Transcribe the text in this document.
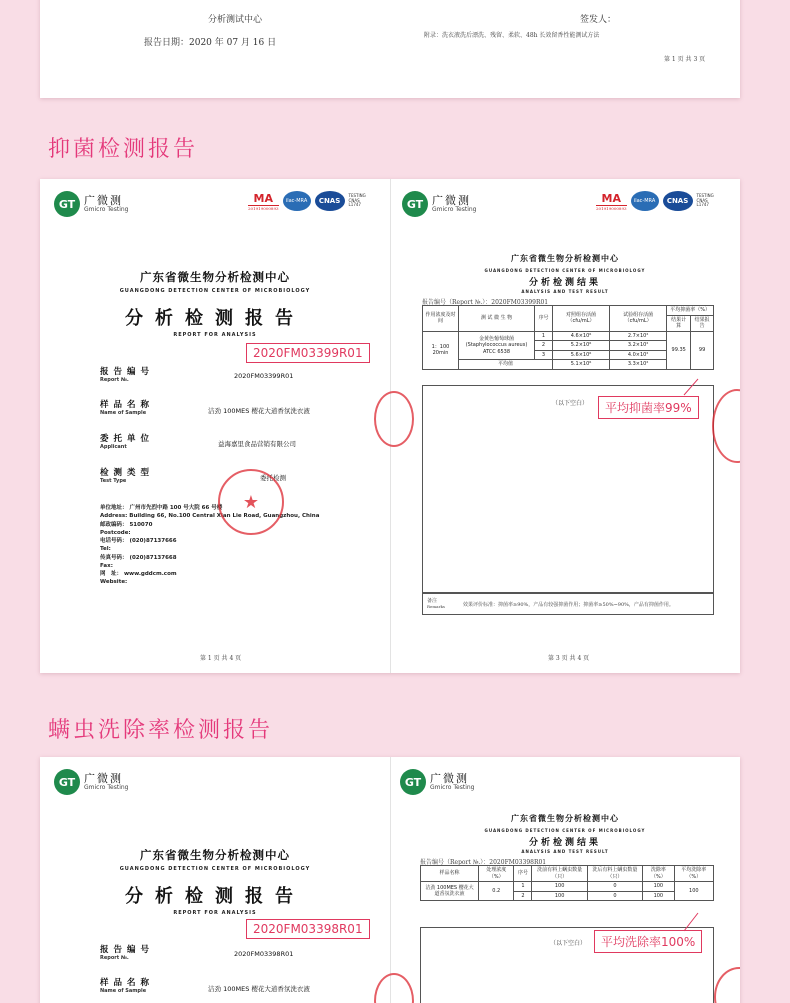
分析测试中心
报告日期：2020 年 07 月 16 日
签发人：
附录：洗衣液洗后漂洗、残留、柔软、48h 长效留香性能测试方法
第 1 页 共 3 页
抑菌检测报告
GT 广微测
Gmicro Testing
MA
201919000893
ilac-MRA	CNAS
TESTING CNAS L1747
广东省微生物分析检测中心
GUANGDONG DETECTION CENTER OF MICROBIOLOGY
分析检测报告
REPORT FOR ANALYSIS
2020FM03399R01
报告编号
Report №.	2020FM03399R01
样品名称
Name of Sample	洁劲 100MES 樱花大道香氛洗衣液
委托单位
Applicant	益海嘉里食品营销有限公司
检测类型
Test Type	委托检测
单位地址： 广州市先烈中路 100 号大院 66 号楼
Address: Building 66, No.100 Central Xian Lie Road, Guangzhou, China
邮政编码： 510070
Postcode:
电话号码： (020)87137666
Tel:
传真号码： (020)87137668
Fax:
网　址： www.gddcm.com
Website:
★
第 1 页 共 4 页
GT 广微测
Gmicro Testing
MA
201919000893
ilac-MRA	CNAS
TESTING CNAS L1747
广东省微生物分析检测中心
GUANGDONG DETECTION CENTER OF MICROBIOLOGY
分析检测结果
ANALYSIS AND TEST RESULT
报告编号（Report №.）：2020FM03399R01
作用浓度及时间	测 试 微 生 物	序号	对照组存活菌（cfu/mL）	试验组存活菌（cfu/mL）	平均抑菌率（%）	
					结果计算	结果报告
1：100 20min	金黄色葡萄球菌 (Staphylococcus aureus) ATCC 6538	1	4.6×10⁶	2.7×10²	99.35	99
		2	5.2×10⁶	3.2×10²		
		3	5.6×10⁶	4.0×10²		
	平均值		5.1×10⁶	3.3×10²		
（以下空白）
备注
Remarks	效果评价标准：抑菌率≥90%，产品有较强抑菌作用；抑菌率≥50%~90%，产品有抑菌作用。
平均抑菌率99%
第 3 页 共 4 页
螨虫洗除率检测报告
GT 广微测
Gmicro Testing
广东省微生物分析检测中心
GUANGDONG DETECTION CENTER OF MICROBIOLOGY
分析检测报告
REPORT FOR ANALYSIS
2020FM03398R01
报告编号
Report №.	2020FM03398R01
样品名称
Name of Sample	洁劲 100MES 樱花大道香氛洗衣液
GT 广微测
Gmicro Testing
广东省微生物分析检测中心
GUANGDONG DETECTION CENTER OF MICROBIOLOGY
分析检测结果
ANALYSIS AND TEST RESULT
报告编号（Report №.）：2020FM03398R01
样品名称	处理浓度（%）	序号	洗前有料上螨虫数量（只）	洗后有料上螨虫数量（只）	洗除率（%）	平均洗除率（%）
洁劲 100MES 樱花大道香氛洗衣液	0.2	1	100	0	100	100
		2	100	0	100	
（以下空白）	平均洗除率100%
